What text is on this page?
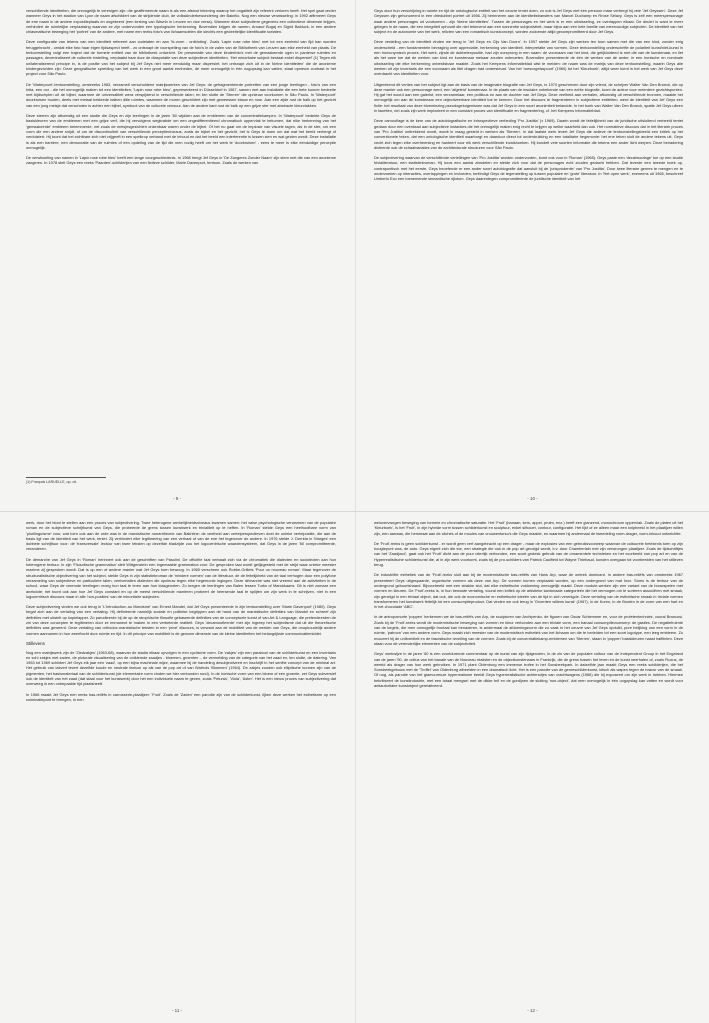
verschillende identiteiten, die onmogelijk te verenigen zijn: die geaffirmeerde naam is als een afstoot tekening waarop het ongaliteit zijn referent verloren heeft. Het spel gaat verder wanneer Geys in het stadion van Lyon de naam afschildert van de strijdende club, de volkskinderbewondering der Bakelio. Nog een nieuwe verwisseling: in 1992 affirmeert Geys de ene naam in de andere expositieplaats en ongekeerd (een kerking van Wavrin in Leuven en vice versa). Wanneer deze subjectieve gegevens een collectieve dimensie krijgen, verhindert de ruimtelijke verplaatsing waarvan ze zijn ondervonden een typologische herkenning. Bovendien krijgen de namen, Arnaud Bugaj en Sigrid Balduck, in een andere chiasmatische beweging het 'portret' van de andere, met name een reeks foto's van lichaamsdelen die slechts een gedeeltelijke identificatie toelaten.

Deze configuratie van tekens van een identiteit refereert aan codelaten en aan 'Ik-vorm - ontbloting'. Zoals 'Lapin rose robe bleu' met tot een eenheid van fijd kan worden teruggebracht - omdat elke foto haar eigen tijdsaspect heeft - zo ontsnapt de voorspelling van de foto's in de zalen van de Bibliotheek van Leuven aan elke eenheid van plaats. De tentoonstelling volgt een traject dat de formele entiteit van de bibliotheek ontwricht. De presentatie van deze kinderfoto's met de gemaskeerde ogen in panterse ruimtes en passages, decentraliseert de culturele instelling, verplaatst haar door de diaspotatie van deze subjectieve identiteiten. 'Het minoritaire subject bestaat enkel dispersief' (1) Tegen elk unilateraliserend principe in, is de positie van het subject bij Jef Geys niet meer eenduidig maar dispersief, het ontsnapt zich uit in de 'kleine identiteiten' die de anonieme kindergezichten zijn. Deze geografische spreiding van het werk in een groot aantal eenheden, de meer onmogelijk in één oogopslag kan vatten, staat opnieuw contrast in het project voor São Paulo.

De 'Waterpoort'-tentoonstelling, omstreeks 1983, verzamelt verscholdene matrijswerken van Jef Geys: de gefragmenteerde portretten van een jonge leerlingen - foto's van een krita, een oor - die het onmogelijk maken tot een identiteiten; 'Lapin rose robe bleu', gepresenteerd in Düsseldorf in 1987, samen met aan installatie die een bete kunner bedeelte met bijdschplen uit de bijbel, waarmee de universaliteit wera verspijdend in verschillende talen; en ten slotte de 'Sterren' die opnieuw voorkomen in São Paulo. In 'Waterpoort' doorkruisen houten, deels met metaal bekleede balken ditle ruimtes, waarmee de muren geschildert zijn met geweessen blauw en rose. Aan een zijde rust de balk op het gezicht van een jong meisje dat verschoten is achter een bijbel, symbool van de culturele censuur. Aan de andere kant rust de balk op een grijze ster met abstracte kleurvlakken.

Deze sterren zijn afkomstig uit een studie die Geys en zijn leerlingen in de jaren '60 wijdden aan de emblemen van de concentratiekampen. In 'Waterpoort' bedekte Geys de basiskleuren van de emblemen met een grijze verf, die hij vervolgens wegkrabde om een ongedifferentieerd chromatisch oppervlak te bekomen, dat elke herkenning van het 'gemaskeerde' embleem belemmerde, net zoals de meisjesgezichten onkenbaar waren onder de bijbel. Of het nu gaat om de implosie van visuele tagen, als in de ster, om een vorm die een andere snijdt, of om de discontinuïteit van verschillende perceptieniveaus, zoals de bijbel en het gezicht, het is Geys te doen om dat wat het beeld verbergt of verduistert. Hij toont dat het zichtbare zich niet vrijgeeft in een spelkrop verband met de inhoud en dat het beeld een interferentie is tussen zien en wat gezien wordt. Deze installatie is als een barrière, een democratie van de ruimtes of een opdeling van de tijd die men nodig heeft om het werk te 'doorkruisen' - eens te meer is elke eenduidige perceptie onmogelijk.

De verwisseling van namen in 'Lapin rose robe bleu' heeft een lange voorgeschiedenis. In 1968 hengt Jef Geys in 'De Zangeres Zonder Naam' zijn stem met die van een anonieme zangeres. In 1978 stelt Geys een reeks 'Paarden'-schilderijen van een fictieve schilder, Marie Davenport, tentoon. Zoals de werken van

(1) François LARUELLE, op. cit.
- 9 -

Geys door hun verschijning in ruimte en tijd de ontologische entiteit van het oeuvre teniet doen, zo ook is Jef Geys niet één persoon maar verbergt hij vele 'Jef Geyssen'. Deze Jef Geyssen zijn gehonoreerd in een driedubbel portret uit 1966. Zij herinneren aan de identiteitstransfers van Marcel Duchamp en Rrose Sélavy. Geys is zelf een meerspersonage waar andere personages uit voorkomen - zijn 'kleine identiteiten'. Tussen de personages en het werk is er een uitwisseling, ze overlappen elkaar. De deutel is want ie meer gelegen in de naam, die een integriteit ophoudt die niet tekenend aan een sonnenbe subjectiviteit, maar bijna aan een hele familie van meervoudige subjecten. De identiteit van het subject en de autonomie van het werk, relicten van een romantisch kunstconcept, worden zodoende altijd gecompromitteerd door Jef Geys.

Deze verdeling van de identiteit vinden we terug in 'Jef Geys en Cijs Van Doorn'. In 1997 stelde Jef Geys zijn werken ten toon samen met die van een kind, zonder enig onderscheid - een fundamentele bevraging over appreciatie, herkenning van identiteit, interpretatie van vormen. Deze tentoonstelling onderschrifte de polariteit kunst/niet-kunst in een homonymisch proces. Het werk, zijnde de dubbelexpositie, had zijn oorsprong in een naam: de voornaam van het kind, die gelijkluidend is met die van de kunstenaar, en liet als het ware toe dat de werken van kind en kunstenaar mekaar zouden ontmoeten. Bovendien presenteerde de één de werken van de ander, in een ironische en nominale uitwisseling die elke herkenning onbeslisbaar maakte. Zoals het Kempens Informatieblad wist te melden: de naam was de matrijs van deze tentoonstelling, waarin Geys alle werken uit zijn inventaris die een voornaam als titel dragen had ondersteunt. Van het 'roesvogelsspoort' (1960) tot het 'Kleurboek', altijd weer komt in het werk van Jef Geys deze overdracht van identiteiten voor.

Uitgerekend dit verlies van het subject ligt aan de basis van de imaginaire biografie van Jef Geys, in 1970 geschreven door zijn vriend, de schrijver Walter Van Den Broeck, die op deze manier ook een persoonage werd, een 'afgeleid' kunstenaar. In de plaats van de insulaire onbekende van een echte biografie, toont de auteur voor meerdere gezichtspunten. Hij gaf het woord aan een galerist, een verzamelaar, een politicus en aan de dochter van Jef Geys. Deze veelheid aan verhalen, afkomstig uit verschillende bronnen, maakte het onmogelijk om aan de kunstenaar een objectiveerbare identiteit toe te kennen. Door het discours te fragmenteren in subjectieve entiteiten, werd de identiteit van Jef Geys een fictie: het resultaat van deze bloemlezing pseudogetuigenissen was dat Jef Geys in een soort anonimiteit belandde. In het boek van Walter Van Den Broeck, spatte Jef Geys uiteen in facetten, net zoals zijn werk implodeert in een constant proces van identificatie en fragmentering, cf. het Kempens Informatieblad.

Deze camouflage is de kern van de autobiografische en introspectieve verbeding 'Pro Justitia' (± 1969). Daarin wordt de feitelijkheid van de juridische uitsluitend verbeeld tentet gedaan door een overdaad aan subjectieve instanties die het onmogelijk maken enig recht te krijgen op welke waarheid dan ook. Het normatieve discours dat in het literaire proces van 'Pro Justitia' onttrekkend wordt, wordt in vraag gesteld in werken als 'Sterren'. In dat laatste werk levert Jef Geys die actieve de tentoonstellingsbeeld een kritiek op het conventionele teken, dat een ontologische identiteit waarborgt en daardoor direct tot onderdrukking en een totalitaire hegemonie: het ene teken sluit de andere tekens uit. Geys vecht zich tegen elke overheersing en hanteert voor elk werk verschillende invalshoeken. Hij bundelt vele soorten informatie die tekens een ander licht werpen. Deze benadering dicteerde ook de schaalvariaties van de architecturale structuren voor São Paulo.

De subjectivering waarvan de verschillende vertellingen van 'Pro Justitia' worden ondervorden, komt ook voor in 'Roman' (1965). Geys paste een 'decalmoufage' toe op een studie trivialiteratuur, een statistiekroman. Hij koos een aantal zinsdelen en stelde zich voor dat de personages echt zouden gedacht hebben. Dat leverde een tweede boek op, contrapuntisch met het eerste. Geys beoefende er een ander soort autobiografie dat aansluit bij de 'jurisprudentie' van 'Pro Justitia'. Door twee literaire genres te mengen en te onderzoeken op interacties, overlappingen en invloeden, beëindigt Geys de tegenstelling op tussen populaire en 'grote' literatuur. In 'Het open werk', eveneens uit 1965, beschreef Umberto Eco een toenemende semantische rijkdom. Geys daarentegen compromitteerde de juridische identiteit van het

- 10 -

werk, door het bloot te stellen aan een proces van subjectivering. Twee heterogene werkelijkheidsniveaus kwamen samen: het valse psychologische verwarmen van de populaire roman en de subjectieve schrijfkunst van Geys, die probeerde de grens tussen kunstwerk en trivialiteit op te heffen. In 'Roman' stelde Geys een heelhoofbare vorm van 'plurilinguïsme' voor, wat toen ook aan de orde was in de marxistische romantheorie van Bakhtine: de veelheid aan vertelperspectieven doet de unieke vertelpositie, die aan de basis ligt van de identiteit van het werk, teniet. Zij verhindert elke legitimering van een verhaal of van de ene het tegenover de andere. In 1976 stelde J. Derrida in 'Marges' een dubbele schrijftuur voor: de 'transversale' lectuur van twee teksten op dezelfde bladzijde zou het logocentrische waardensysteem, dat Geys in de jaren '60 compromitteerde, veranderen.

De démarche van Jef Geys in 'Roman' herinnert ook aan de geschriften van Pasolini. De officiële taal verbaalt zich via de chromatiek die dialecten en sociolecten aan hun heterogene textuur. In zijn 'Filosofische grammatica' stelt Wittgenstein een ingemaakte grammatica voor. De gesproken taal wordt gelijkgesteld met de strijd waar unieke meester maxime zij gesproken wordt. Dat is op een of andere manier wat Jef Geys toen bewoog. In 1965 verscheen ook Robbe-Grillets 'Pour un nouveau roman'. Maar tegenover de structuralistische objectivering van het subject, stelde Geys in zijn statistiekroman de 'mindere vormen' van de literatuur, de de feitelijkheid van de taal verhogen door een polyfone verzameling van subjectieve en particuliere talen, veelvertallen dialecten die opnieuw tegen elke hegemonie ingingen. Deze démarche was niet vreemd aan de activiteiten in de school, waar Geys de vreemde leerlingen vroeg hun taal te leren aan hun klasgenoten. Zo kregen de leerlingen van Balen lessen Turks of Marokkaans. Dit is niet zomaar een anekdote; het toont ook aan hoe Jef Geys constant en op de meest verschillende manieren probeert de heersende taal te splijten om zijn werk in te schrijven, niet in een logocentrisch discours maar in alle 'non-posities' van de minoritaire subjecten.

Deze subjectivering vinden we ook terug in 'L'Introduction au Marxisme' van Ernest Mandel, dat Jef Geys presenteerde in zijn tentoonstelling over 'Marie Davenport' (1980). Geys begaf zich aan de vertaling van een vertaling. Hij definieerde namelijk sociale en politieke begrippen aan de hand van de marxistische definities van Mandel en schreef zijn definities met uitstelt op kopielapper. Zo parodieerde hij de op de strophische filosofie gebaseerde definities van de conceptuele kunst of van Art & Language, die pretendeerden de zin van deze concepten te legitimeren door ze immanent te maken in een verbeterde realiteit. Geys 'decamoufleerde' met zijn ingreep het subjectisme dat uit die theoretische definities was geweerd. Deze vertaling van orthodox-marxistische teksten in een 'privé' discours, is verwant aan de mobiliteit van de werken van Geys, die onophoudelijk andere vormen aannamen in hun zwerftocht door ruimte en tijd. In dit principe van mobiliteit is de gewone dimensie van de kleine identiteiten het belangrijkste communicatiemiddel.

Stillevens

Nog een matrijswerk zijn de 'Ziedzakjes' (1963-68), waarvan de stadia elkaar opvolgen in een cyclische vorm. De 'zakjes' zijn een parabool van de schilderkunst en een inventaris en schi zakjes met zaden, de picturale visualisering van de ontkiemde zaadjes - bloemen, groenten -, de vermelding van de categorie van het zaad en, ten slotte, de datering. Van 1963 tot 1969 schildert Jef Geys elk jaar een 'zaad', op een bijna machinale wijze, waarmee hij de handeling desubjectiveert en inschrijft in het seriële concept van de minimal art. Het gebruik van lakverf tevert dezelfde koude en neutrale factuur op als van de pop art of van Warhols 'Bloemen' (1964). De zakjes zouden ook elliptische kunnen zijn van de pigmenten, het basismateriaal van de schilderkunst (de elementaire vorm vinden we hier verbonden rond). In de ironische vorm van een bloem of een groente, zet Geys subversief ook de identiteit van het zaad (dat staat voor het kunstwerk) door het een individuele naam te geven, zoals 'Petunia', 'Viola', 'Aster'. Het is een nieuw proces van subjectivering dat overweeg in een onbepaalde tijd plaatsheeft.

In 1966 maakt Jef Geys een reeks bas-reliëfs in carrosserie-plaatijzer: 'Fruit'. Zoals de 'Zaden' een parodie zijn van de schilderkunst, lijken deze werken het esthetisme op een culminatiepunt te brengen, in een

- 11 -

welovervwogen beweging van formele en chromatische saturatie. Het 'Fruit' (banaan, kers, appel, pruim, enz.) heeft een glanzend, monochroom oppervlak. Zoals de platen uit het 'Kleurboek', is het 'Fruit', in zijn hybride vorm tussen schilderkunst en sculptuur, enkel silhouet, contour, configuratie. Het lijkt of ze alleen maar een knipbeeld in het plaatijzer willen zijn, een aanwas, die hemmaat aan de clichés of de moules van vrouwentorso's die Geys maakte, en waarmee hij andermaal de tweedeling vorm-drager, vorm-inhoud ontwrichtte.

De 'Fruit'-reeks is geen schilderkunst - er wordt geen verf aangebracht op een drager - maar de explosies van een gebruiksvoorwerp waarvan de cultuurele betekenis toen op zijn hoogtepunt was, de auto. Geys eigent zich die toe, een strategie die ook in de pop art gevolgd wordt, b.v. door Chamberlain met zijn verwrongen plaatijzer. Zoals de tijdschriftjes van het 'Zaadjoud', gaat ook het 'Fruit' dicht aan de puur uiterlijk verbonden, een soort grotesk gebruik van de ornamentele technieken en het voorbeeld van pop art en van de Hyperrealistische schilderkunst die, al in zijn werk voorkomt, zoals bij de pro-schilders van Patrick Caulfield tot Wayne Thiebaud, konden overgaan tot voorbeelden van het stilleven terug.

De industriële esthetiek van de 'Fruit'-reeks sluit aan bij de modernistische bas-reliëfs van Hans Arp, waar de omtrek dominant. In andere bas-reliëfs van omstreeks 1967 presenteert Geys uitgespaarde, organische vormen als deze van Arp. De vormen komen verplaatst worden, op een ondergrond van mat Inox. Soms is de textuur van de ondergrond gebuurtshaard. Bijvoorbeeld met een strakke stul, dat elke esthetische voldoening onmogelijk maakt. Deze module-werken zijn een variant van de bouwspelen met vormen en kleuren. De 'Fruit'-reeks is, in hun bewuste vertaling, vooral een kritiek op de artistieke kantonaale categorieën die het vermogen om te sorteren associëren met smaak, zijn geneigd in een triviaal object, dat ook, die ook de economische en esthetische ideeën van de tijd in zich verenigde. Deze vertaling van de esthetische smaak in triviale vormen transformeren het kunstwerk feitelijk tot een consumptieproduct. Dat vinden we ook terug in 'Groenten willens kunst' (1967), in de Koren, in de Broden in de vorm van een hart en in het chocolade 'ABC'.

In de antropomorfe 'poppen' herkennen we de bas-reliëfs van Arp, de sculpturen van Archipenko, de figuren van Oscar Schlemmer en, voor de profetentechniek, vooral Brancusi. Zoals bij de 'Fruit'-reeks wordt de modernistische beweging van vormen en kleur verbonden aan een triviale vorm, een banaal consumptievoorwerp: de gastles. De negatiefruimte van de kegels, die men onmogelijk frontaal kan benaderen, is andermaal de afdoeningsvorm die zo vaak in het oeuvre van Jef Geys opduikt, pure belijking van een vorm in de ruimte, 'patroon' van een andere vorm. Geys maakt zich meester van de modernistisch esthetiek van het lichaam om die te herleiden tot een soort logotype, een leeg embleem. Zo evoceert hij de uniformiteit en de fascistische reveiling van de vormen. Zoals bij de concentratiekamp-emblemen van 'Sterren', staan in 'poppen' basiskleuren naast halftinten. Deze staan voor de verenderlijke elementen van de subjectiviteit.

Geys' werkwijze in de jaren '60 is een voortdurende commentaar op de kunst van zijn tijdgenoten, in de zin van de populaire cultuur van de Independent Group in het Engeland van de jaren '50, de cultus van het banale van de Nouveau réalisten en de objectkunstenaars in Frankrijk, die de grens tussen het leven en de kunst neerhalen of, zoals Fluxus, de wereld als drager van hun werk gebruiken. In 1971 plant Oldenburg een immense trofee in het Sonsbeekpark. In datzelfde jaar maakt Geys een reeks schilderijen, die het Sonsbeekgebouw met de 'Troffel' van Oldenburg afbeelden in een dramatisch licht. Het is een parodie van de genreschilderkunst, kitsch als wapen tegen de bravur van de smaak. Of nog, als parodie van het glamoureuze hyperrealisme beeldt Geys hyperrealistische achtersdjes van vrachtwagens (1966) die hij exposeert om zijn werk in hebben. Hiermee bekritiseert de kunstindustrie, met een totaal mengsel met de dikke bril en de gordijnen de sluiting 'non-object', dat men onmogelijk in één oogopslag kan vatten en wordt voor antiautoritaire kunstobject gerelativeerd.

- 12 -
